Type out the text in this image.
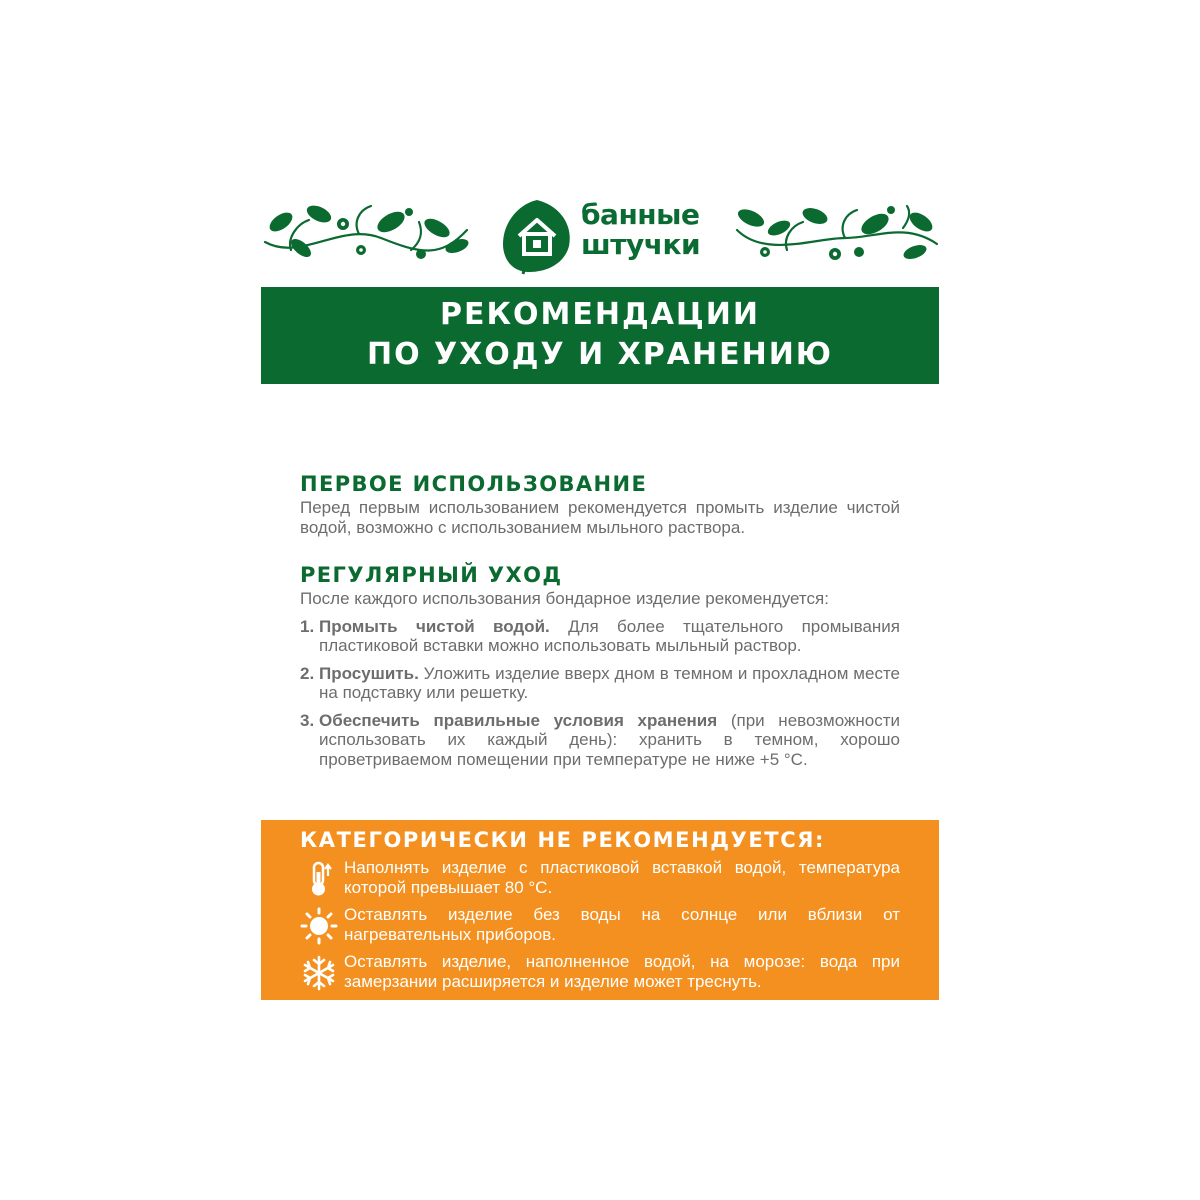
банные
штучки
РЕКОМЕНДАЦИИ
ПО УХОДУ И ХРАНЕНИЮ
ПЕРВОЕ ИСПОЛЬЗОВАНИЕ

Перед первым использованием рекомендуется промыть изделие чистой водой, возможно с использованием мыльного раствора.

РЕГУЛЯРНЫЙ УХОД

После каждого использования бондарное изделие рекомендуется:

1. Промыть чистой водой. Для более тщательного промывания пластиковой вставки можно использовать мыльный раствор.
2. Просушить. Уложить изделие вверх дном в темном и прохладном месте на подставку или решетку.
3. Обеспечить правильные условия хранения (при невозможности использовать их каждый день): хранить в темном, хорошо проветриваемом помещении при температуре не ниже +5 °С.
КАТЕГОРИЧЕСКИ НЕ РЕКОМЕНДУЕТСЯ:
Наполнять изделие с пластиковой вставкой водой, температура которой превышает 80 °С.
Оставлять изделие без воды на солнце или вблизи от нагревательных приборов.
Оставлять изделие, наполненное водой, на морозе: вода при замерзании расширяется и изделие может треснуть.
